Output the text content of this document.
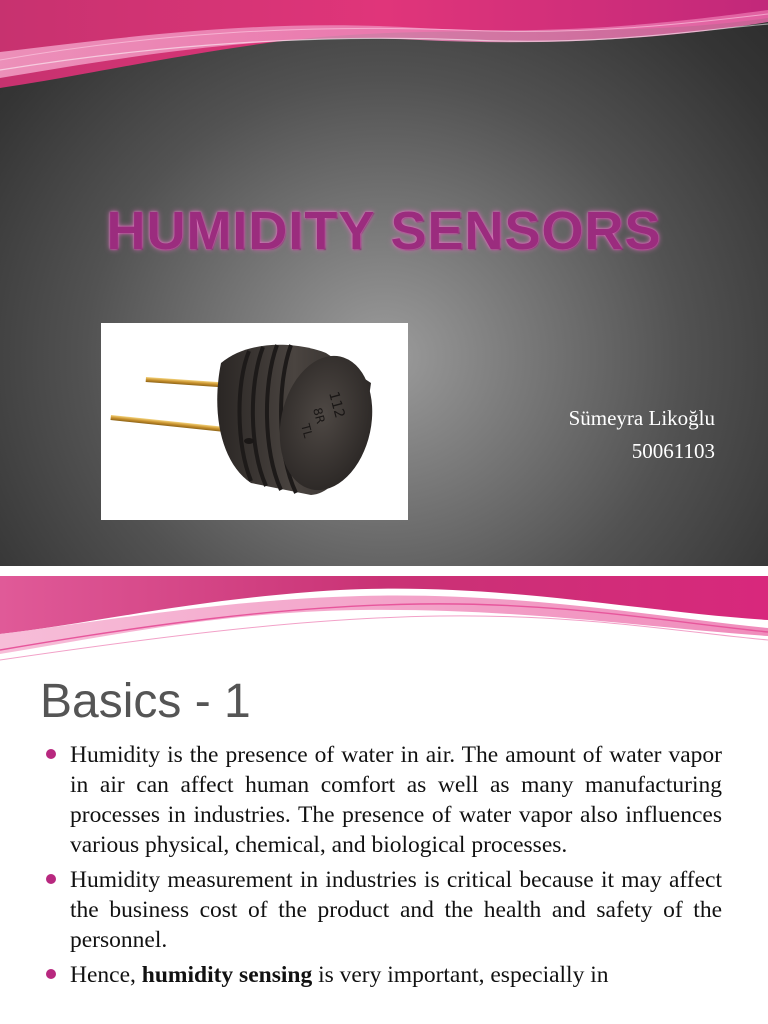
HUMIDITY SENSORS
112
8R
TL
Sümeyra Likoğlu
50061103
Basics - 1
Humidity is the presence of water in air. The amount of water vapor in air can affect human comfort as well as many manufacturing processes in industries. The presence of water vapor also influences various physical, chemical, and biological processes.
Humidity measurement in industries is critical because it may affect the business cost of the product and the health and safety of the personnel.
Hence, humidity sensing is very important, especially in
